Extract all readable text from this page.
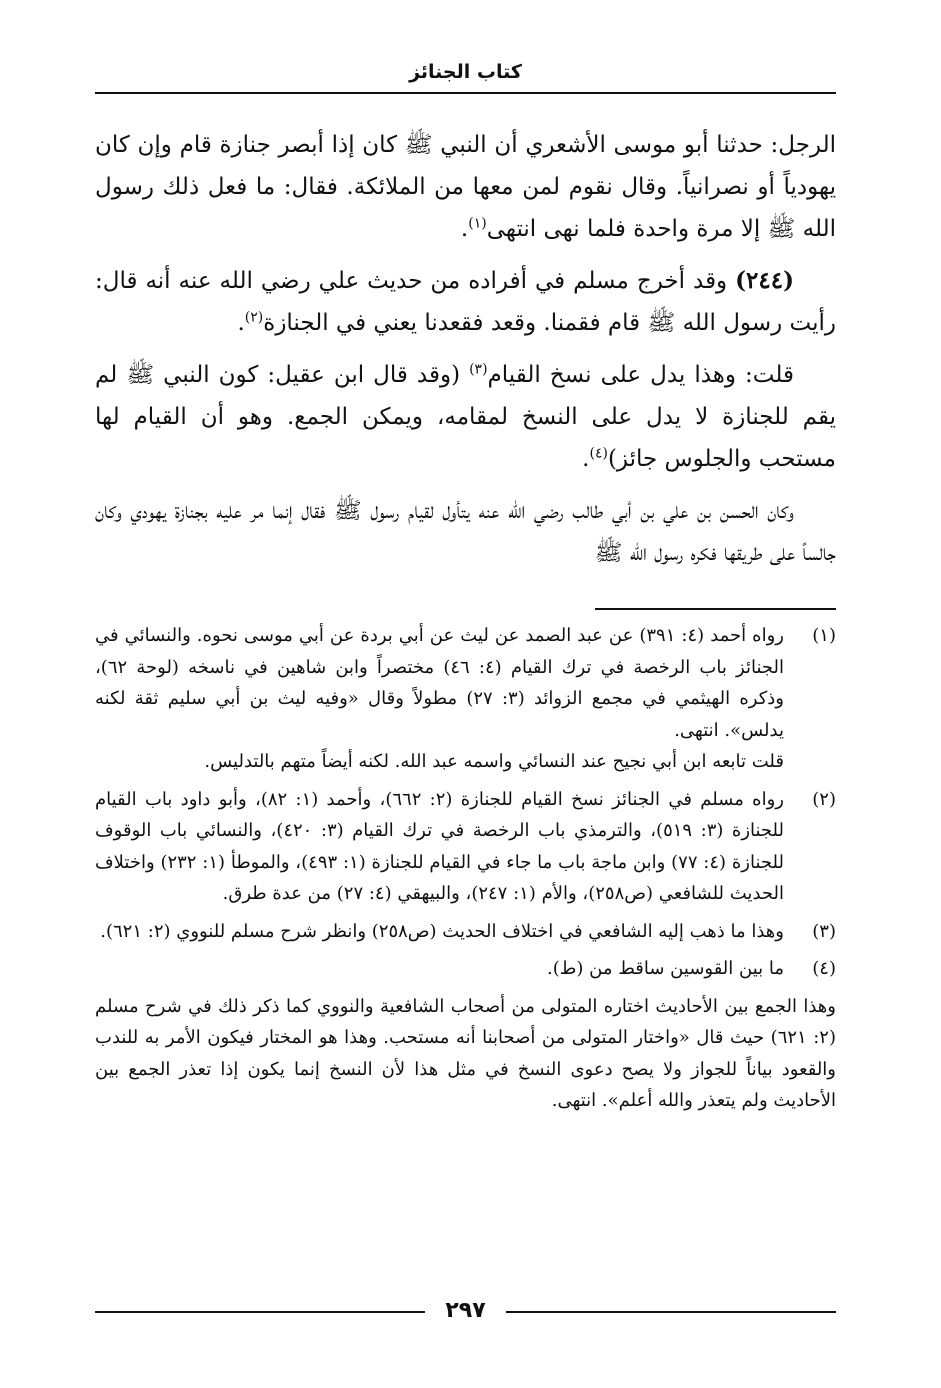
كتاب الجنائز

الرجل: حدثنا أبو موسى الأشعري أن النبي ﷺ كان إذا أبصر جنازة قام وإن كان يهودياً أو نصرانياً. وقال نقوم لمن معها من الملائكة. فقال: ما فعل ذلك رسول الله ﷺ إلا مرة واحدة فلما نهى انتهى$^{(١)}$.

(٢٤٤) وقد أخرج مسلم في أفراده من حديث علي رضي الله عنه أنه قال: رأيت رسول الله ﷺ قام فقمنا. وقعد فقعدنا يعني في الجنازة$^{(٢)}$.

قلت: وهذا يدل على نسخ القيام$^{(٣)}$ (وقد قال ابن عقيل: كون النبي ﷺ لم يقم للجنازة لا يدل على النسخ لمقامه، ويمكن الجمع. وهو أن القيام لها مستحب والجلوس جائز)$^{(٤)}$.

وكان الحسن بن علي بن أبي طالب رضي الله عنه يتأول لقيام رسول ﷺ فقال إنما مر عليه بجنازة يهودي وكان جالساً على طريقها فكره رسول الله ﷺ

(١)
رواه أحمد (٤: ٣٩١) عن عبد الصمد عن ليث عن أبي بردة عن أبي موسى نحوه. والنسائي في الجنائز باب الرخصة في ترك القيام (٤: ٤٦) مختصراً وابن شاهين في ناسخه (لوحة ٦٢)، وذكره الهيثمي في مجمع الزوائد (٣: ٢٧) مطولاً وقال «وفيه ليث بن أبي سليم ثقة لكنه يدلس». انتهى.
قلت تابعه ابن أبي نجيح عند النسائي واسمه عبد الله. لكنه أيضاً متهم بالتدليس.
(٢)
رواه مسلم في الجنائز نسخ القيام للجنازة (٢: ٦٦٢)، وأحمد (١: ٨٢)، وأبو داود باب القيام للجنازة (٣: ٥١٩)، والترمذي باب الرخصة في ترك القيام (٣: ٤٢٠)، والنسائي باب الوقوف للجنازة (٤: ٧٧) وابن ماجة باب ما جاء في القيام للجنازة (١: ٤٩٣)، والموطأ (١: ٢٣٢) واختلاف الحديث للشافعي (ص٢٥٨)، والأم (١: ٢٤٧)، والبيهقي (٤: ٢٧) من عدة طرق.
(٣)
وهذا ما ذهب إليه الشافعي في اختلاف الحديث (ص٢٥٨) وانظر شرح مسلم للنووي (٢: ٦٢١).
(٤)
ما بين القوسين ساقط من (ط).

وهذا الجمع بين الأحاديث اختاره المتولى من أصحاب الشافعية والنووي كما ذكر ذلك في شرح مسلم (٢: ٦٢١) حيث قال «واختار المتولى من أصحابنا أنه مستحب. وهذا هو المختار فيكون الأمر به للندب والقعود بياناً للجواز ولا يصح دعوى النسخ في مثل هذا لأن النسخ إنما يكون إذا تعذر الجمع بين الأحاديث ولم يتعذر والله أعلم». انتهى.

٢٩٧
